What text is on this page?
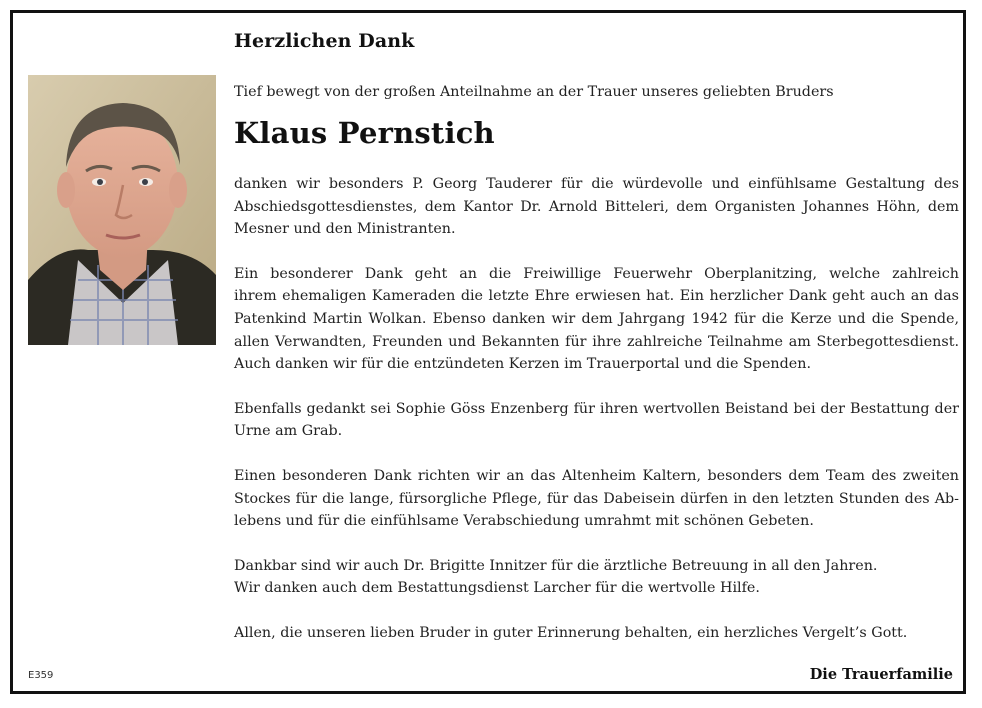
Herzlichen Dank
Tief bewegt von der großen Anteilnahme an der Trauer unseres geliebten Bruders
Klaus Pernstich
danken wir besonders P. Georg Tauderer für die würdevolle und einfühlsame Gestaltung des
Abschiedsgottesdienstes, dem Kantor Dr. Arnold Bitteleri, dem Organisten Johannes Höhn, dem
Mesner und den Ministranten.
Ein besonderer Dank geht an die Freiwillige Feuerwehr Oberplanitzing, welche zahlreich
ihrem ehemaligen Kameraden die letzte Ehre erwiesen hat. Ein herzlicher Dank geht auch an das
Patenkind Martin Wolkan. Ebenso danken wir dem Jahrgang 1942 für die Kerze und die Spende,
allen Verwandten, Freunden und Bekannten für ihre zahlreiche Teilnahme am Sterbegottesdienst.
Auch danken wir für die entzündeten Kerzen im Trauerportal und die Spenden.
Ebenfalls gedankt sei Sophie Göss Enzenberg für ihren wertvollen Beistand bei der Bestattung der
Urne am Grab.
Einen besonderen Dank richten wir an das Altenheim Kaltern, besonders dem Team des zweiten
Stockes für die lange, fürsorgliche Pflege, für das Dabeisein dürfen in den letzten Stunden des Ab-
lebens und für die einfühlsame Verabschiedung umrahmt mit schönen Gebeten.
Dankbar sind wir auch Dr. Brigitte Innitzer für die ärztliche Betreuung in all den Jahren.
Wir danken auch dem Bestattungsdienst Larcher für die wertvolle Hilfe.
Allen, die unseren lieben Bruder in guter Erinnerung behalten, ein herzliches Vergelt’s Gott.
E359	Die Trauerfamilie
